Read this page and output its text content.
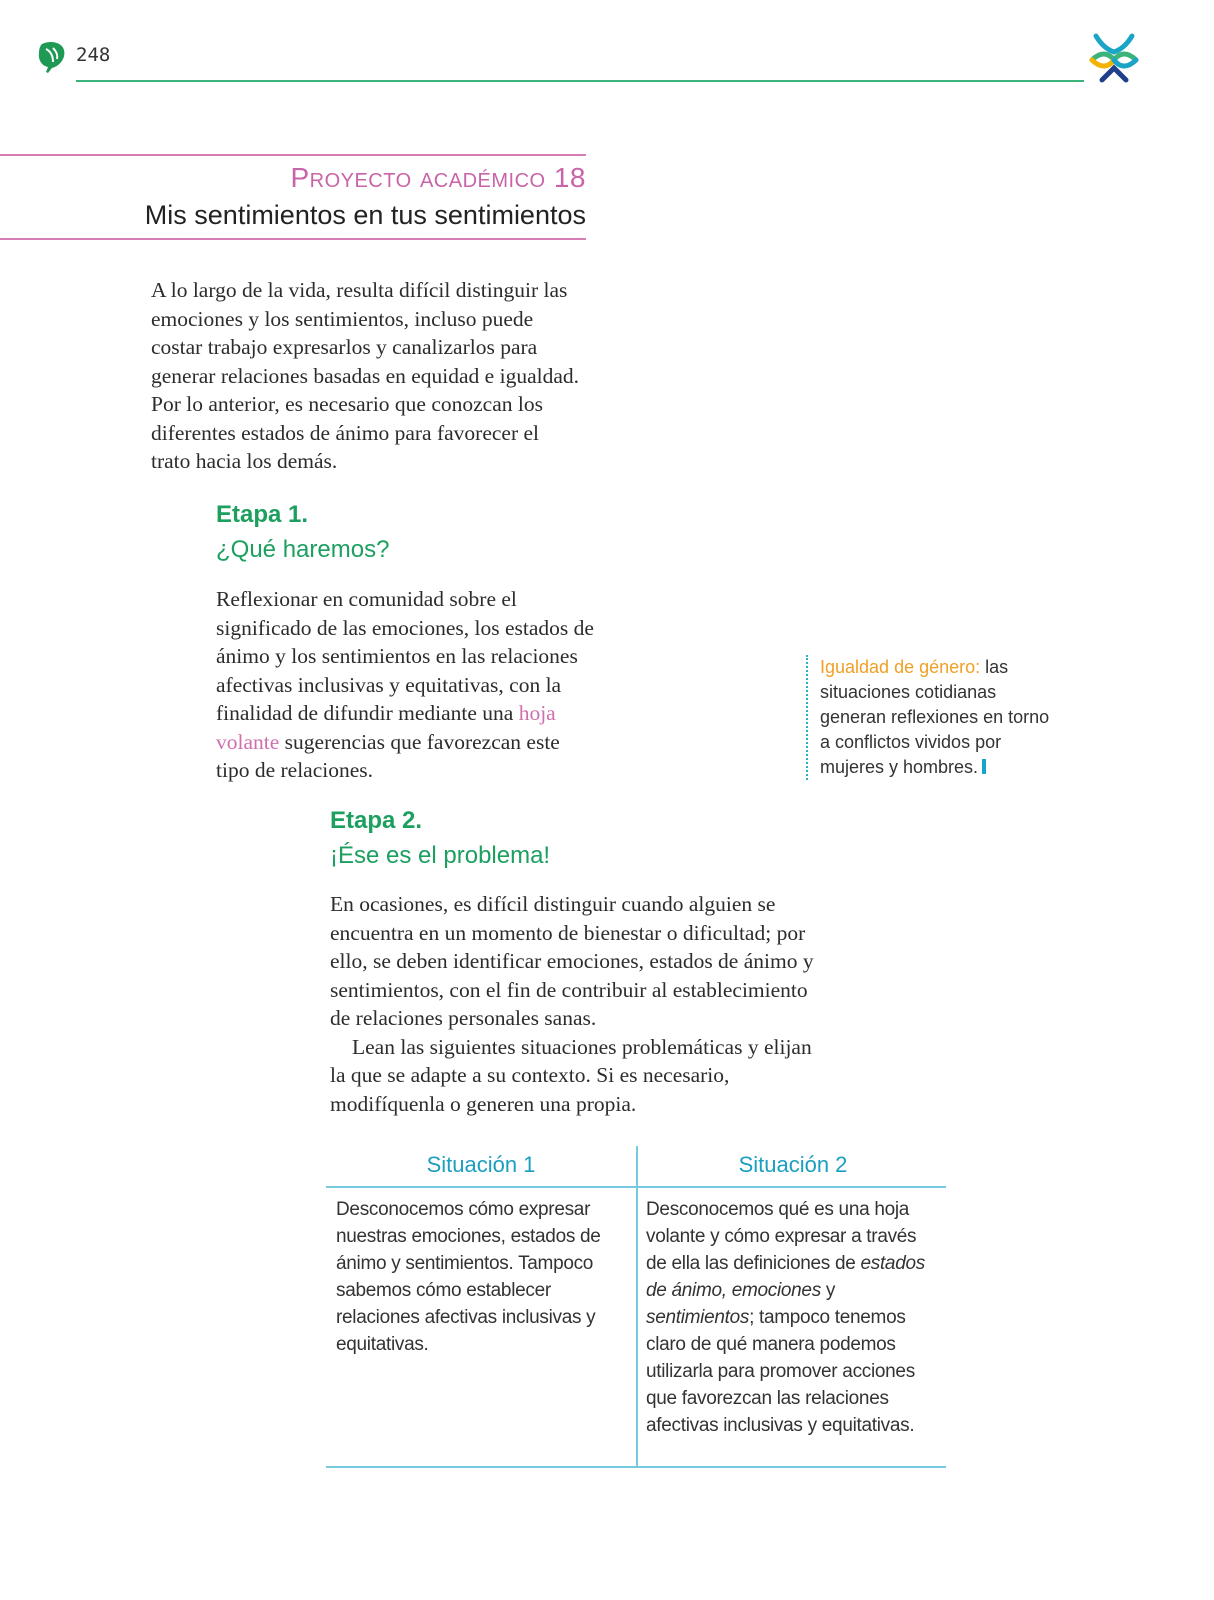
248
Proyecto académico 18
Mis sentimientos en tus sentimientos

A lo largo de la vida, resulta difícil distinguir las emociones y los sentimientos, incluso puede costar trabajo expresarlos y canalizarlos para generar relaciones basadas en equidad e igualdad. Por lo anterior, es necesario que conozcan los diferentes estados de ánimo para favorecer el trato hacia los demás.

Etapa 1.
¿Qué haremos?

Reflexionar en comunidad sobre el significado de las emociones, los estados de ánimo y los sentimientos en las relaciones afectivas inclusivas y equitativas, con la finalidad de difundir mediante una hoja volante sugerencias que favorezcan este tipo de relaciones.

Igualdad de género: las situaciones cotidianas generan reflexiones en torno a conflictos vividos por mujeres y hombres.
Etapa 2.
¡Ése es el problema!

En ocasiones, es difícil distinguir cuando alguien se encuentra en un momento de bienestar o dificultad; por ello, se deben identificar emociones, estados de ánimo y sentimientos, con el fin de contribuir al establecimiento de relaciones personales sanas.

Lean las siguientes situaciones problemáticas y elijan la que se adapte a su contexto. Si es necesario, modifíquenla o generen una propia.

Situación 1	Situación 2
Desconocemos cómo expresar nuestras emociones, estados de ánimo y sentimientos. Tampoco sabemos cómo establecer relaciones afectivas inclusivas y equitativas.
Desconocemos qué es una hoja volante y cómo expresar a través de ella las definiciones de estados de ánimo, emociones y sentimientos; tampoco tenemos claro de qué manera podemos utilizarla para promover acciones que favorezcan las relaciones afectivas inclusivas y equitativas.
